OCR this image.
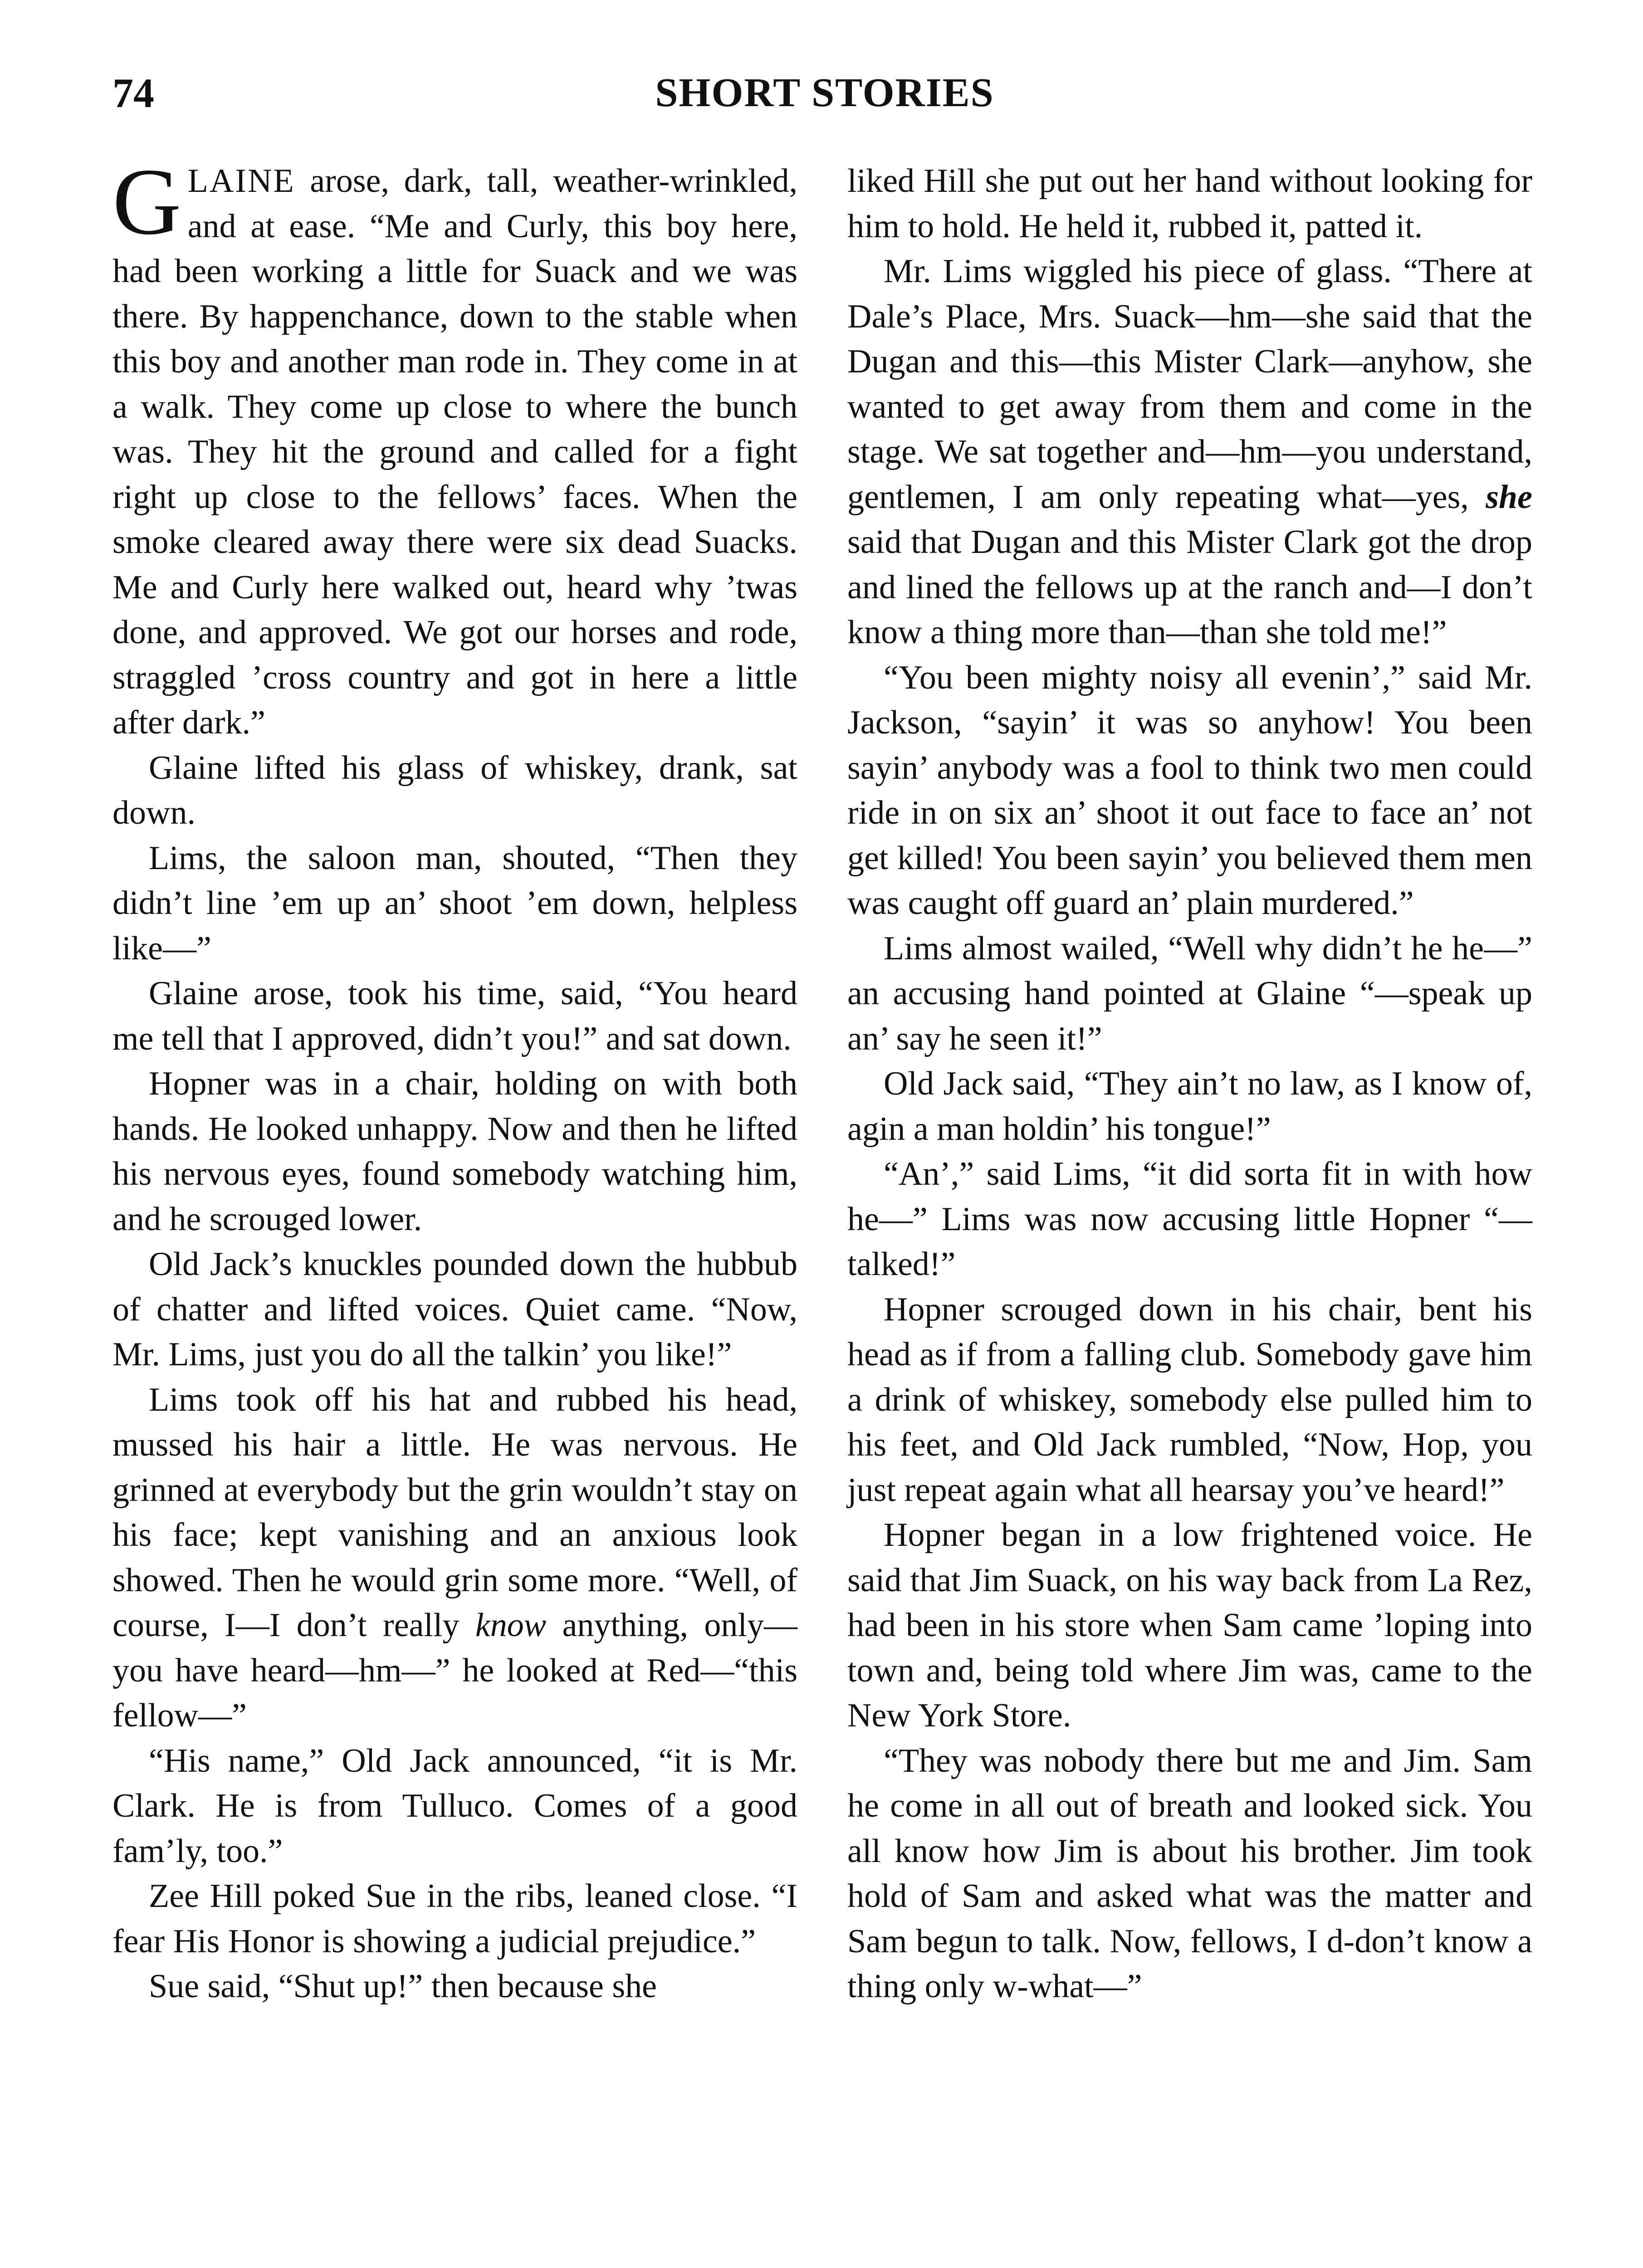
74	SHORT STORIES

GLAINE arose, dark, tall, weather-wrinkled, and at ease. “Me and Curly, this boy here, had been working a little for Suack and we was there. By happenchance, down to the stable when this boy and another man rode in. They come in at a walk. They come up close to where the bunch was. They hit the ground and called for a fight right up close to the fellows’ faces. When the smoke cleared away there were six dead Suacks. Me and Curly here walked out, heard why ’twas done, and approved. We got our horses and rode, straggled ’cross country and got in here a little after dark.”

Glaine lifted his glass of whiskey, drank, sat down.

Lims, the saloon man, shouted, “Then they didn’t line ’em up an’ shoot ’em down, helpless like—”

Glaine arose, took his time, said, “You heard me tell that I approved, didn’t you!” and sat down.

Hopner was in a chair, holding on with both hands. He looked unhappy. Now and then he lifted his nervous eyes, found somebody watching him, and he scrouged lower.

Old Jack’s knuckles pounded down the hubbub of chatter and lifted voices. Quiet came. “Now, Mr. Lims, just you do all the talkin’ you like!”

Lims took off his hat and rubbed his head, mussed his hair a little. He was nervous. He grinned at everybody but the grin wouldn’t stay on his face; kept vanishing and an anxious look showed. Then he would grin some more. “Well, of course, I—I don’t really know anything, only—you have heard—hm—” he looked at Red—“this fellow—”

“His name,” Old Jack announced, “it is Mr. Clark. He is from Tulluco. Comes of a good fam’ly, too.”

Zee Hill poked Sue in the ribs, leaned close. “I fear His Honor is showing a judicial prejudice.”

Sue said, “Shut up!” then because she

liked Hill she put out her hand without looking for him to hold. He held it, rubbed it, patted it.

Mr. Lims wiggled his piece of glass. “There at Dale’s Place, Mrs. Suack—hm—she said that the Dugan and this—this Mister Clark—anyhow, she wanted to get away from them and come in the stage. We sat together and—hm—you understand, gentlemen, I am only repeating what—yes, she said that Dugan and this Mister Clark got the drop and lined the fellows up at the ranch and—I don’t know a thing more than—than she told me!”

“You been mighty noisy all evenin’,” said Mr. Jackson, “sayin’ it was so anyhow! You been sayin’ anybody was a fool to think two men could ride in on six an’ shoot it out face to face an’ not get killed! You been sayin’ you believed them men was caught off guard an’ plain murdered.”

Lims almost wailed, “Well why didn’t he he—” an accusing hand pointed at Glaine “—speak up an’ say he seen it!”

Old Jack said, “They ain’t no law, as I know of, agin a man holdin’ his tongue!”

“An’,” said Lims, “it did sorta fit in with how he—” Lims was now accusing little Hopner “—talked!”

Hopner scrouged down in his chair, bent his head as if from a falling club. Somebody gave him a drink of whiskey, somebody else pulled him to his feet, and Old Jack rumbled, “Now, Hop, you just repeat again what all hearsay you’ve heard!”

Hopner began in a low frightened voice. He said that Jim Suack, on his way back from La Rez, had been in his store when Sam came ’loping into town and, being told where Jim was, came to the New York Store.

“They was nobody there but me and Jim. Sam he come in all out of breath and looked sick. You all know how Jim is about his brother. Jim took hold of Sam and asked what was the matter and Sam begun to talk. Now, fellows, I d-don’t know a thing only w-what—”
